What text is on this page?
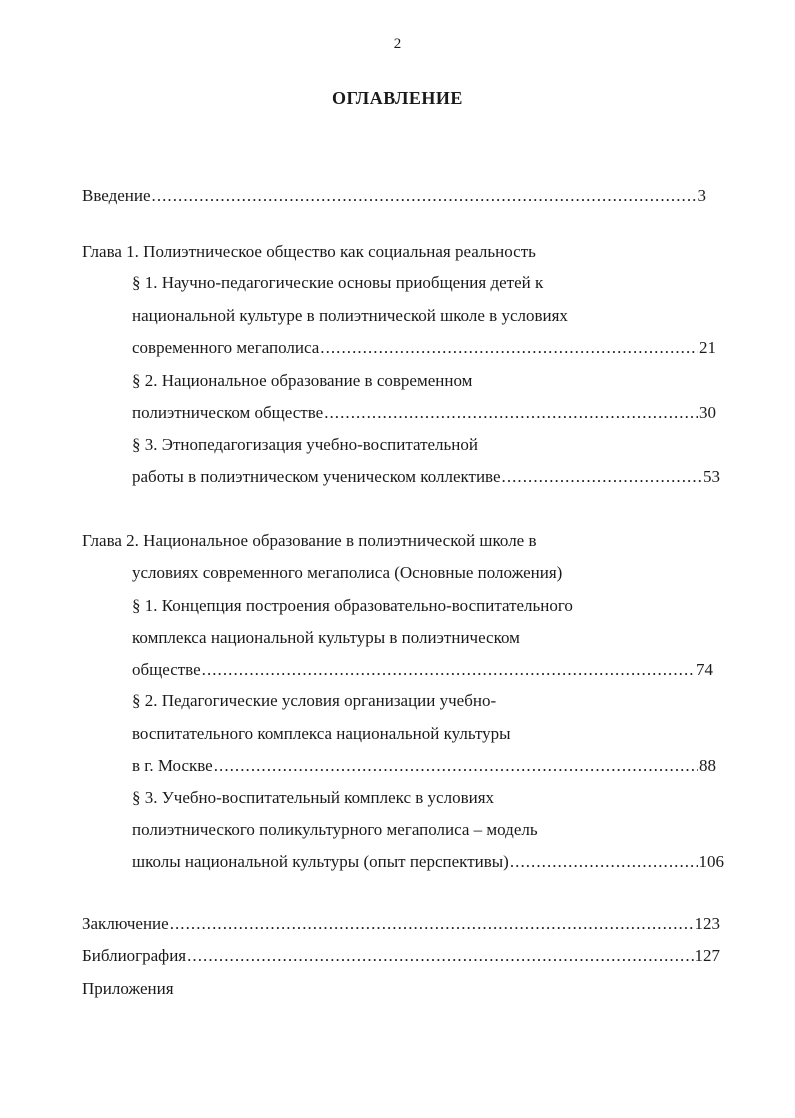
2
ОГЛАВЛЕНИЕ
Введение . . .	3
Глава 1. Полиэтническое общество как социальная реальность
§ 1. Научно-педагогические основы приобщения детей к
национальной культуре в полиэтнической школе в условиях
современного мегаполиса . . .	21
§ 2. Национальное образование в современном
полиэтническом обществе . . .	30
§ 3. Этнопедагогизация учебно-воспитательной
работы в полиэтническом ученическом коллективе . . .	53
Глава 2. Национальное образование в полиэтнической школе в
условиях современного мегаполиса (Основные положения)
§ 1. Концепция построения образовательно-воспитательного
комплекса национальной культуры в полиэтническом
обществе . . .	74
§ 2. Педагогические условия организации учебно-
воспитательного комплекса национальной культуры
в г. Москве . . .	88
§ 3. Учебно-воспитательный комплекс в условиях
полиэтнического поликультурного мегаполиса – модель
школы национальной культуры (опыт перспективы) . . .	106
Заключение . . .	123
Библиография . . .	127
Приложения
